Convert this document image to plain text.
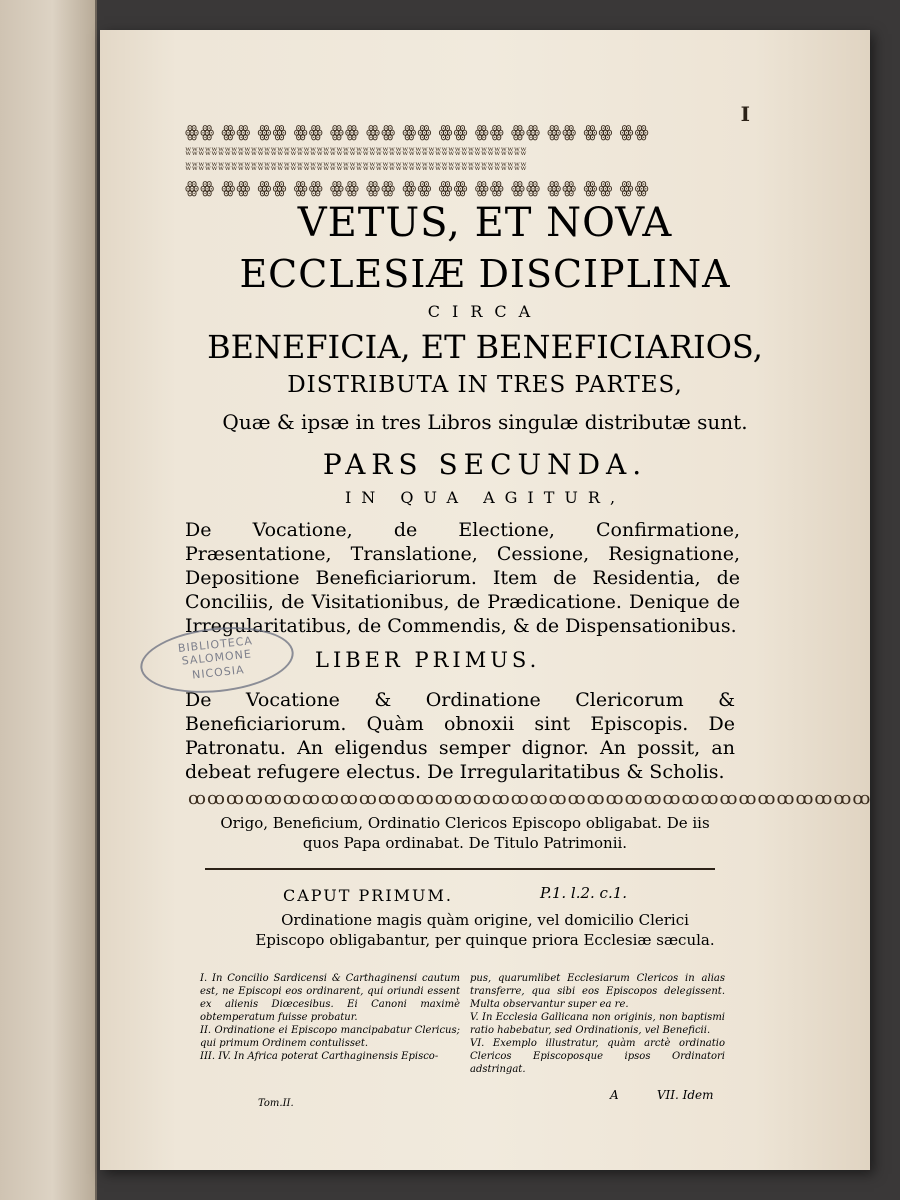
I

ꙮꙮ ꙮꙮ ꙮꙮ ꙮꙮ ꙮꙮ ꙮꙮ ꙮꙮ ꙮꙮ ꙮꙮ ꙮꙮ ꙮꙮ ꙮꙮ ꙮꙮ
ʬʬʬʬʬʬʬʬʬʬʬʬʬʬʬʬʬʬʬʬʬʬʬʬʬʬʬʬʬʬʬʬʬʬʬʬʬʬʬʬʬʬʬʬʬʬʬʬʬʬʬʬ
ʬʬʬʬʬʬʬʬʬʬʬʬʬʬʬʬʬʬʬʬʬʬʬʬʬʬʬʬʬʬʬʬʬʬʬʬʬʬʬʬʬʬʬʬʬʬʬʬʬʬʬʬ
ꙮꙮ ꙮꙮ ꙮꙮ ꙮꙮ ꙮꙮ ꙮꙮ ꙮꙮ ꙮꙮ ꙮꙮ ꙮꙮ ꙮꙮ ꙮꙮ ꙮꙮ

VETUS, ET NOVA

ECCLESIÆ DISCIPLINA

CIRCA

BENEFICIA, ET BENEFICIARIOS,

DISTRIBUTA IN TRES PARTES,

Quæ & ipsæ in tres Libros singulæ distributæ sunt.

PARS SECUNDA.

IN QUA AGITUR,

De Vocatione, de Electione, Confirmatione, Præsentatione, Translatione, Cessione, Resignatione, Depositione Beneficiariorum. Item de Residentia, de Conciliis, de Visitationibus, de Prædicatione. Denique de Irregularitatibus, de Commendis, & de Dispensationibus.

BIBLIOTECA SALOMONE
NICOSIA

LIBER PRIMUS.

De Vocatione & Ordinatione Clericorum & Beneficiariorum. Quàm obnoxii sint Episcopis. De Patronatu. An eligendus semper dignor. An possit, an debeat refugere electus. De Irregularitatibus & Scholis.

ꝏꝏꝏꝏꝏꝏꝏꝏꝏꝏꝏꝏꝏꝏꝏꝏꝏꝏꝏꝏꝏꝏꝏꝏꝏꝏꝏꝏꝏꝏꝏꝏꝏꝏꝏꝏ

Origo, Beneficium, Ordinatio Clericos Episcopo obligabat. De iis quos Papa ordinabat. De Titulo Patrimonii.

CAPUT PRIMUM.	P.1. l.2. c.1.

Ordinatione magis quàm origine, vel domicilio Clerici Episcopo obligabantur, per quinque priora Ecclesiæ sæcula.

I. In Concilio Sardicensi & Carthaginensi cautum est, ne Episcopi eos ordinarent, qui oriundi essent ex alienis Diœcesibus. Ei Canoni maximè obtemperatum fuisse probatur.

II. Ordinatione ei Episcopo mancipabatur Clericus; qui primum Ordinem contulisset.

III. IV. In Africa poterat Carthaginensis Episco-

pus, quarumlibet Ecclesiarum Clericos in alias transferre, qua sibi eos Episcopos delegissent. Multa observantur super ea re.

V. In Ecclesia Gallicana non originis, non baptismi ratio habebatur, sed Ordinationis, vel Beneficii.

VI. Exemplo illustratur, quàm arctè ordinatio Clericos Episcoposque ipsos Ordinatori adstringat.

Tom.II.

A	VII. Idem
